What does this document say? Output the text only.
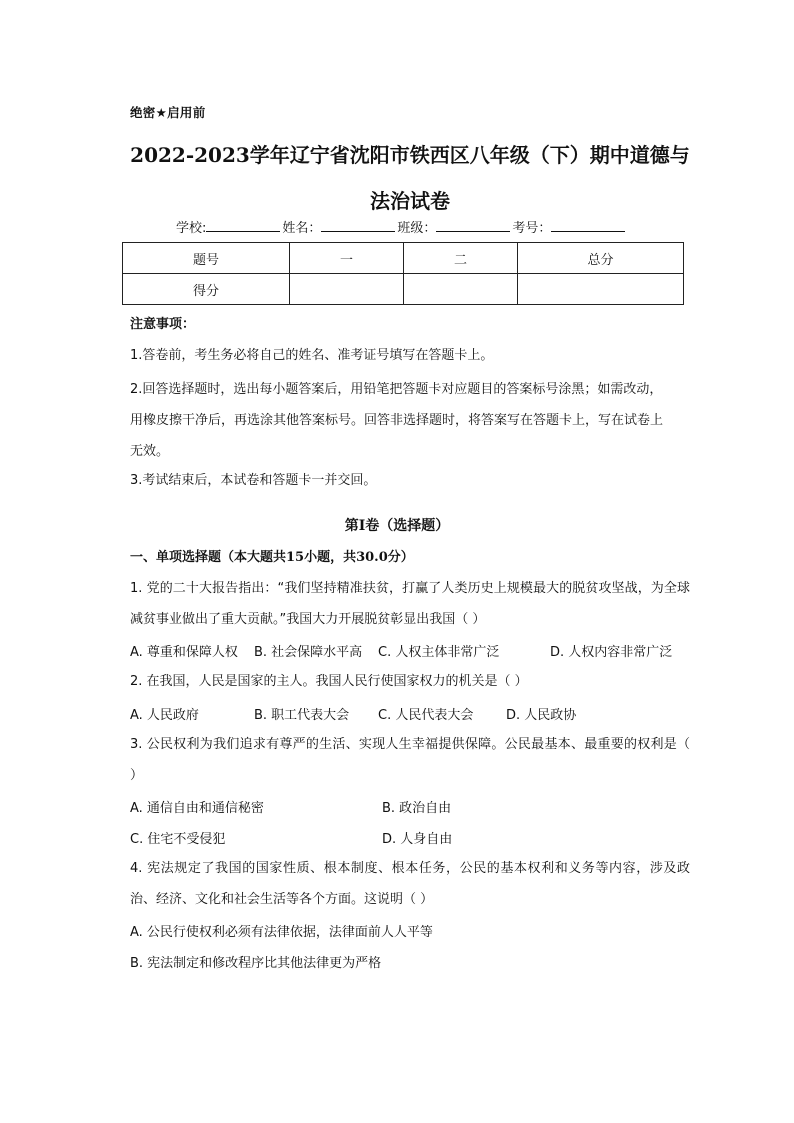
绝密★启用前
2022-2023学年辽宁省沈阳市铁西区八年级（下）期中道德与
法治试卷
学校:	姓名：	班级：	考号：
题号	一	二	总分
得分			
注意事项：
1.答卷前，考生务必将自己的姓名、准考证号填写在答题卡上。
2.回答选择题时，选出每小题答案后，用铅笔把答题卡对应题目的答案标号涂黑；如需改动，用橡皮擦干净后，再选涂其他答案标号。回答非选择题时，将答案写在答题卡上，写在试卷上无效。
3.考试结束后，本试卷和答题卡一并交回。
第Ⅰ卷（选择题）
一、单项选择题（本大题共15小题，共30.0分）
1. 党的二十大报告指出：“我们坚持精准扶贫，打赢了人类历史上规模最大的脱贫攻坚战，为全球减贫事业做出了重大贡献。”我国大力开展脱贫彰显出我国（ ）
A. 尊重和保障人权 B. 社会保障水平高 C. 人权主体非常广泛	D. 人权内容非常广泛
2. 在我国，人民是国家的主人。我国人民行使国家权力的机关是（ ）
A. 人民政府	B. 职工代表大会 C. 人民代表大会	D. 人民政协
3. 公民权利为我们追求有尊严的生活、实现人生幸福提供保障。公民最基本、最重要的权利是（ ）
A. 通信自由和通信秘密	B. 政治自由
C. 住宅不受侵犯	D. 人身自由
4. 宪法规定了我国的国家性质、根本制度、根本任务，公民的基本权利和义务等内容，涉及政治、经济、文化和社会生活等各个方面。这说明（ ）
A. 公民行使权利必须有法律依据，法律面前人人平等
B. 宪法制定和修改程序比其他法律更为严格
